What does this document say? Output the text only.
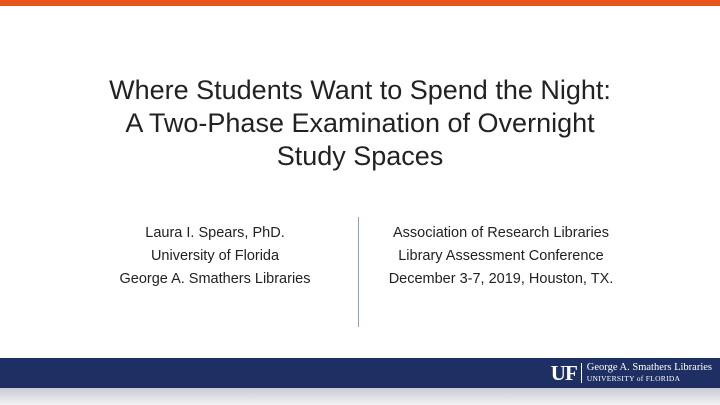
Where Students Want to Spend the Night:
A Two-Phase Examination of Overnight
Study Spaces
Laura I. Spears, PhD.
University of Florida
George A. Smathers Libraries
Association of Research Libraries
Library Assessment Conference
December 3-7, 2019, Houston, TX.
UF George A. Smathers Libraries
UNIVERSITY of FLORIDA
